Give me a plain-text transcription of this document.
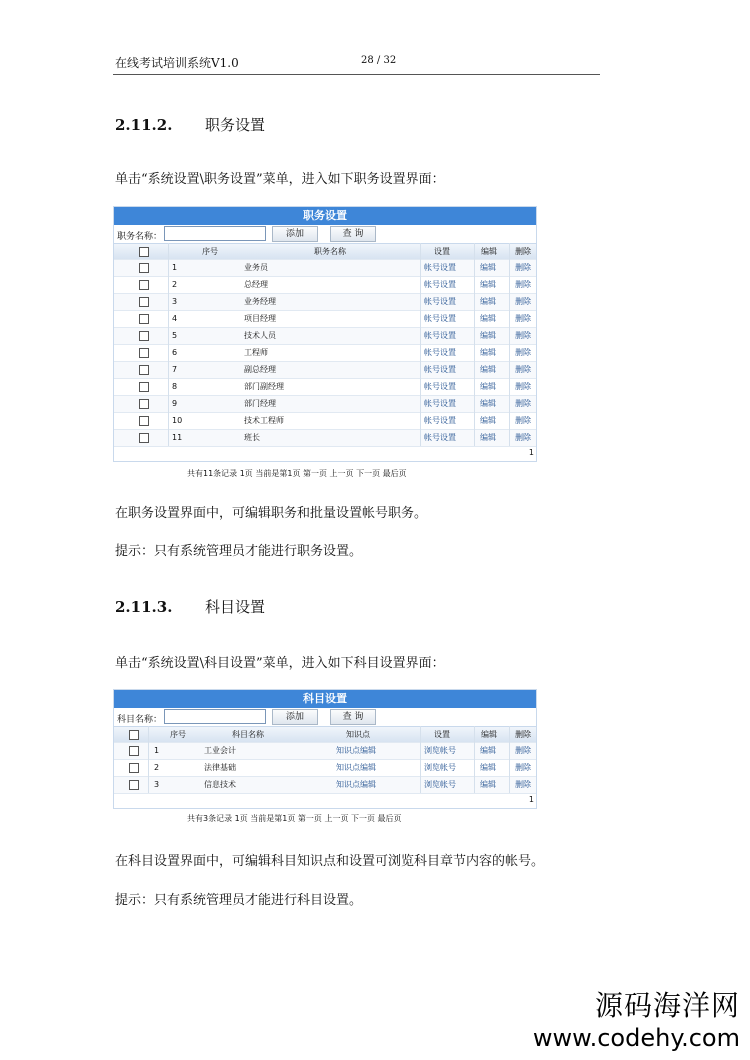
在线考试培训系统V1.0	28 / 32
2.11.2. 职务设置
单击“系统设置\职务设置”菜单，进入如下职务设置界面：
职务设置
职务名称：	添加	查 询
序号	职务名称	设置	编辑 删除
1	业务员	帐号设置	编辑 删除
2	总经理	帐号设置	编辑 删除
3	业务经理	帐号设置	编辑 删除
4	项目经理	帐号设置	编辑 删除
5	技术人员	帐号设置	编辑 删除
6	工程师	帐号设置	编辑 删除
7	副总经理	帐号设置	编辑 删除
8	部门副经理	帐号设置	编辑 删除
9	部门经理	帐号设置	编辑 删除
10	技术工程师	帐号设置	编辑 删除
11	班长	帐号设置	编辑 删除
1
共有11条记录 1页 当前是第1页 第一页 上一页 下一页 最后页
在职务设置界面中，可编辑职务和批量设置帐号职务。
提示：只有系统管理员才能进行职务设置。
2.11.3. 科目设置
单击“系统设置\科目设置”菜单，进入如下科目设置界面：
科目设置
科目名称：	添加	查 询
序号	科目名称	知识点	设置	编辑 删除
1	工业会计	知识点编辑	浏览帐号	编辑 删除
2	法律基础	知识点编辑	浏览帐号	编辑 删除
3	信息技术	知识点编辑	浏览帐号	编辑 删除
1
共有3条记录 1页 当前是第1页 第一页 上一页 下一页 最后页
在科目设置界面中，可编辑科目知识点和设置可浏览科目章节内容的帐号。
提示：只有系统管理员才能进行科目设置。
源码海洋网
www.codehy.com
